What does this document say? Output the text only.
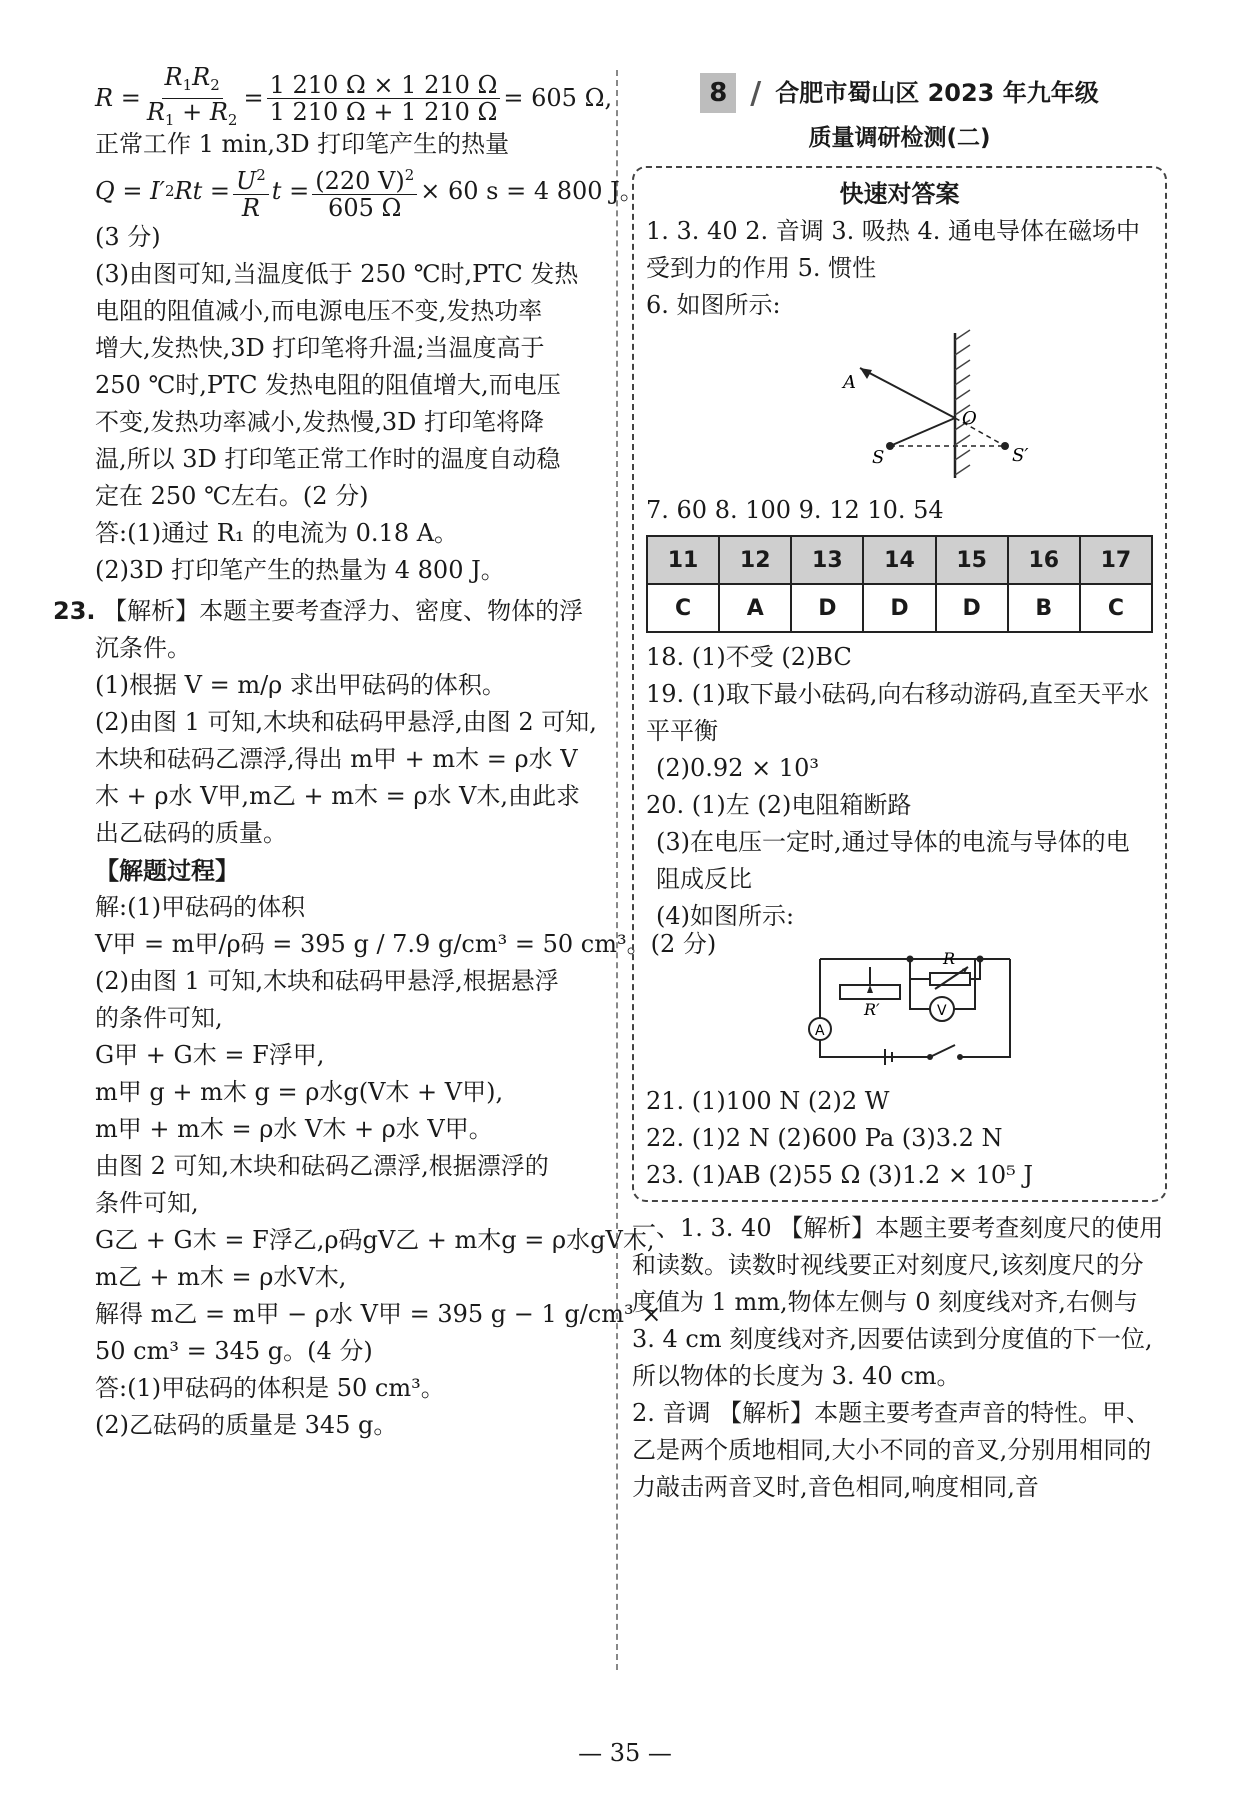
$R = \frac{R_1R_2}{R_1 + R_2} = \frac{1 210 \Omega \times 1 210 \Omega}{1 210 \Omega + 1 210 \Omega} = 605$ Ω,
正常工作 1 min,3D 打印笔产生的热量
Q = I′ 2 $Rt = \frac{U^2}{R}$ $t = \frac{(220 V)^2}{605 \Omega} \times 60$ s = 4 800 J。
(3 分)
(3)由图可知,当温度低于 250 ℃时,PTC 发热
电阻的阻值减小,而电源电压不变,发热功率
增大,发热快,3D 打印笔将升温;当温度高于
250 ℃时,PTC 发热电阻的阻值增大,而电压
不变,发热功率减小,发热慢,3D 打印笔将降
温,所以 3D 打印笔正常工作时的温度自动稳
定在 250 ℃左右。(2 分)
答:(1)通过 R₁ 的电流为 0.18 A。
(2)3D 打印笔产生的热量为 4 800 J。
23. 【解析】本题主要考查浮力、密度、物体的浮沉条件。
(1)根据 V = m/ρ 求出甲砝码的体积。
(2)由图 1 可知,木块和砝码甲悬浮,由图 2 可知,木块和砝码乙漂浮,得出 m甲 + m木 = ρ水 V木 + ρ水 V甲,m乙 + m木 = ρ水 V木,由此求出乙砝码的质量。
【解题过程】
解:(1)甲砝码的体积
V甲 = m甲/ρ码 = 395 g / 7.9 g/cm³ = 50 cm³。(2 分)
(2)由图 1 可知,木块和砝码甲悬浮,根据悬浮
的条件可知,
G甲 + G木 = F浮甲,
m甲 g + m木 g = ρ水g(V木 + V甲),
m甲 + m木 = ρ水 V木 + ρ水 V甲。
由图 2 可知,木块和砝码乙漂浮,根据漂浮的
条件可知,
G乙 + G木 = F浮乙,ρ码gV乙 + m木g = ρ水gV木,
m乙 + m木 = ρ水V木,
解得 m乙 = m甲 − ρ水 V甲 = 395 g − 1 g/cm³ ×
50 cm³ = 345 g。(4 分)
答:(1)甲砝码的体积是 50 cm³。
(2)乙砝码的质量是 345 g。
8 / 合肥市蜀山区 2023 年九年级
质量调研检测(二)
快速对答案
1. 3. 40 2. 音调 3. 吸热 4. 通电导体在磁场中受到力的作用 5. 惯性
6. 如图所示:
A
O
S	S′
7. 60 8. 100 9. 12 10. 54
11	12	13	14	15	16	17
C	A	D	D	D	B	C
18. (1)不受 (2)BC
19. (1)取下最小砝码,向右移动游码,直至天平水平平衡
(2)0.92 × 10³
20. (1)左 (2)电阻箱断路
(3)在电压一定时,通过导体的电流与导体的电阻成反比
(4)如图所示:
R
R′	V
A
21. (1)100 N (2)2 W
22. (1)2 N (2)600 Pa (3)3.2 N
23. (1)AB (2)55 Ω (3)1.2 × 10⁵ J
一、1. 3. 40 【解析】本题主要考查刻度尺的使用和读数。读数时视线要正对刻度尺,该刻度尺的分度值为 1 mm,物体左侧与 0 刻度线对齐,右侧与 3. 4 cm 刻度线对齐,因要估读到分度值的下一位,所以物体的长度为 3. 40 cm。
2. 音调 【解析】本题主要考查声音的特性。甲、乙是两个质地相同,大小不同的音叉,分别用相同的力敲击两音叉时,音色相同,响度相同,音
— 35 —
